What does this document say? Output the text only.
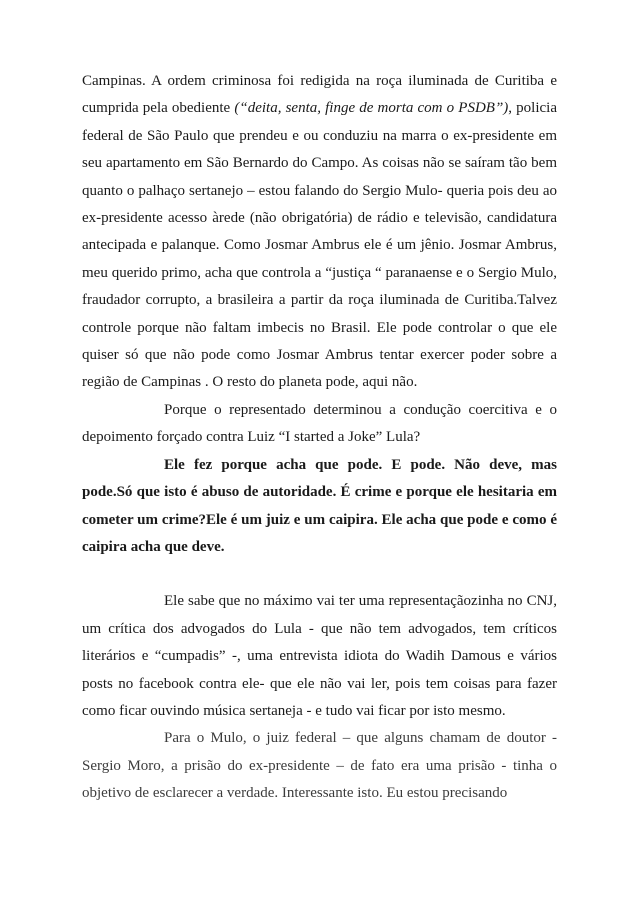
Campinas. A ordem criminosa foi redigida na roça iluminada de Curitiba e cumprida pela obediente (“deita, senta, finge de morta com o PSDB”), policia federal de São Paulo que prendeu e ou conduziu na marra o ex-presidente em seu apartamento em São Bernardo do Campo. As coisas não se saíram tão bem quanto o palhaço sertanejo – estou falando do Sergio Mulo- queria pois deu ao ex-presidente acesso àrede (não obrigatória) de rádio e televisão, candidatura antecipada e palanque. Como Josmar Ambrus ele é um jênio. Josmar Ambrus, meu querido primo, acha que controla a “justiça “ paranaense e o Sergio Mulo, fraudador corrupto, a brasileira a partir da roça iluminada de Curitiba.Talvez controle porque não faltam imbecis no Brasil. Ele pode controlar o que ele quiser só que não pode como Josmar Ambrus tentar exercer poder sobre a região de Campinas . O resto do planeta pode, aqui não.

Porque o representado determinou a condução coercitiva e o depoimento forçado contra Luiz “I started a Joke” Lula?

Ele fez porque acha que pode. E pode. Não deve, mas pode.Só que isto é abuso de autoridade. É crime e porque ele hesitaria em cometer um crime?Ele é um juiz e um caipira. Ele acha que pode e como é caipira acha que deve.

Ele sabe que no máximo vai ter uma representaçãozinha no CNJ, um crítica dos advogados do Lula - que não tem advogados, tem críticos literários e “cumpadis” -, uma entrevista idiota do Wadih Damous e vários posts no facebook contra ele- que ele não vai ler, pois tem coisas para fazer como ficar ouvindo música sertaneja - e tudo vai ficar por isto mesmo.

Para o Mulo, o juiz federal – que alguns chamam de doutor - Sergio Moro, a prisão do ex-presidente – de fato era uma prisão - tinha o objetivo de esclarecer a verdade. Interessante isto. Eu estou precisando
